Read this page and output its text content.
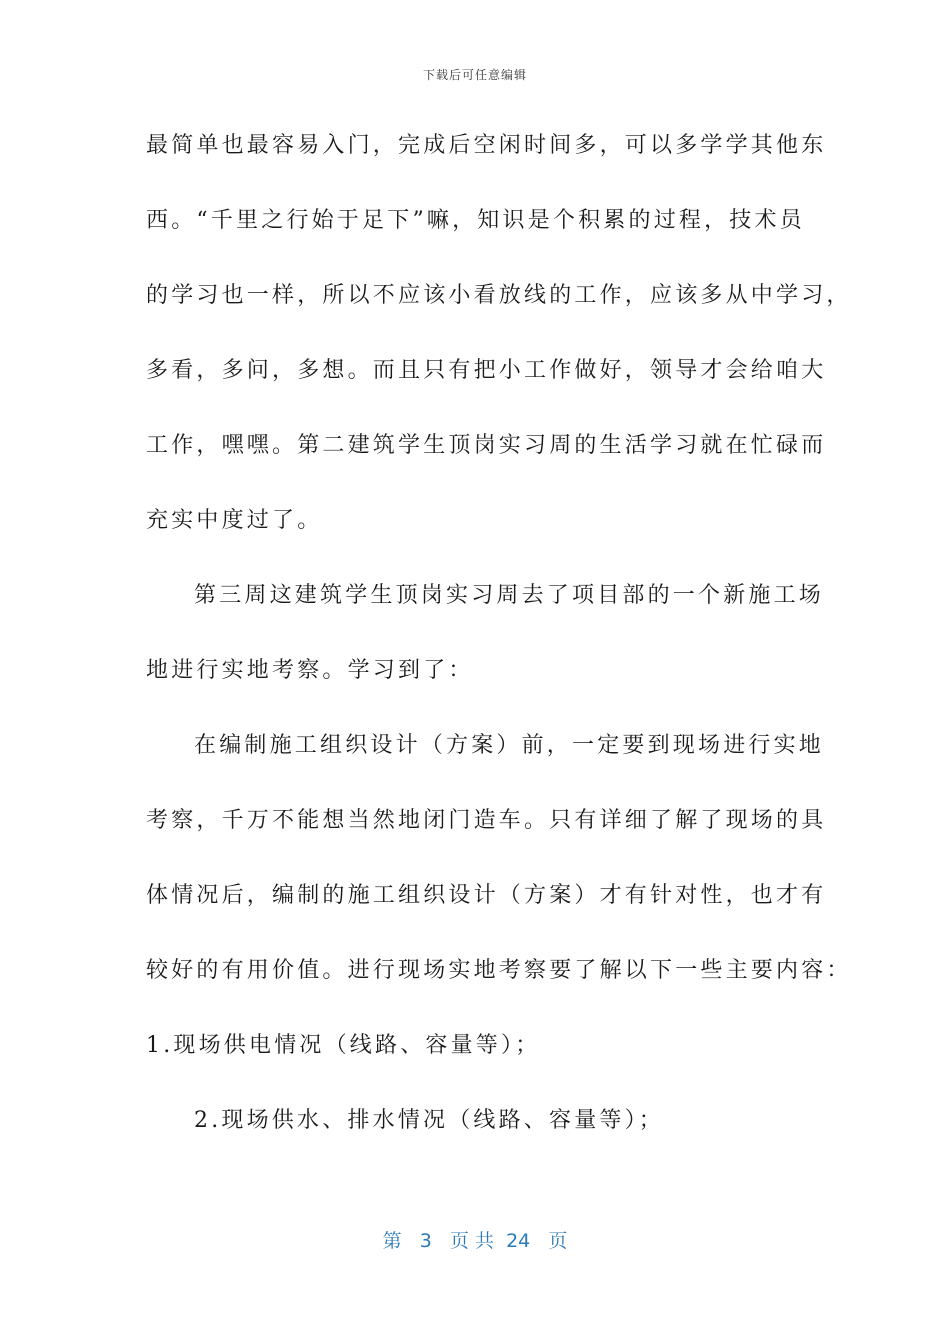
下载后可任意编辑
最简单也最容易入门，完成后空闲时间多，可以多学学其他东
西。“千里之行始于足下”嘛，知识是个积累的过程，技术员
的学习也一样，所以不应该小看放线的工作，应该多从中学习，
多看，多问，多想。而且只有把小工作做好，领导才会给咱大
工作，嘿嘿。第二建筑学生顶岗实习周的生活学习就在忙碌而
充实中度过了。
第三周这建筑学生顶岗实习周去了项目部的一个新施工场
地进行实地考察。学习到了：
在编制施工组织设计（方案）前，一定要到现场进行实地
考察，千万不能想当然地闭门造车。只有详细了解了现场的具
体情况后，编制的施工组织设计（方案）才有针对性，也才有
较好的有用价值。进行现场实地考察要了解以下一些主要内容：
1.现场供电情况（线路、容量等）；
2.现场供水、排水情况（线路、容量等）；
第 3 页 共 24 页
